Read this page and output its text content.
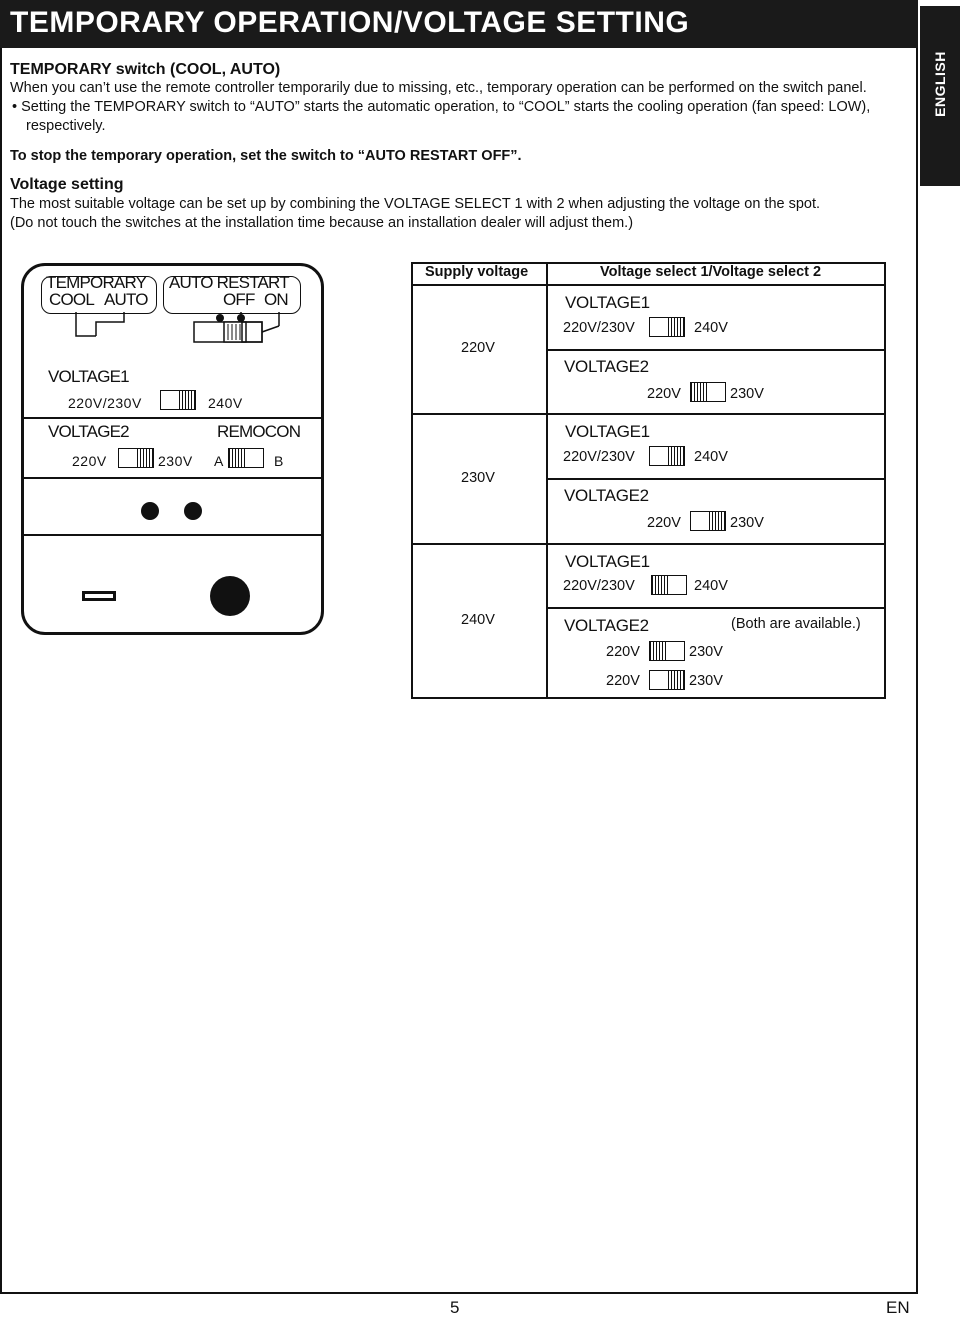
TEMPORARY OPERATION/VOLTAGE SETTING
ENGLISH
TEMPORARY switch (COOL, AUTO)
When you can’t use the remote controller temporarily due to missing, etc., temporary operation can be performed on the switch panel.
• Setting the TEMPORARY switch to “AUTO” starts the automatic operation, to “COOL” starts the cooling operation (fan speed: LOW),
respectively.
To stop the temporary operation, set the switch to “AUTO RESTART OFF”.
Voltage setting
The most suitable voltage can be set up by combining the VOLTAGE SELECT 1 with 2 when adjusting the voltage on the spot.
(Do not touch the switches at the installation time because an installation dealer will adjust them.)
TEMPORARY
COOL AUTO
AUTO RESTART
OFF ON
VOLTAGE1
220V/230V	240V
VOLTAGE2
220V	230V
REMOCON
A	B
Supply voltage	Voltage select 1/Voltage select 2
220V
VOLTAGE1
220V/230V	240V
VOLTAGE2
220V	230V
230V
VOLTAGE1
220V/230V	240V
VOLTAGE2
220V	230V
240V
VOLTAGE1
220V/230V	240V
VOLTAGE2	(Both are available.)
220V	230V
220V	230V
5	EN
